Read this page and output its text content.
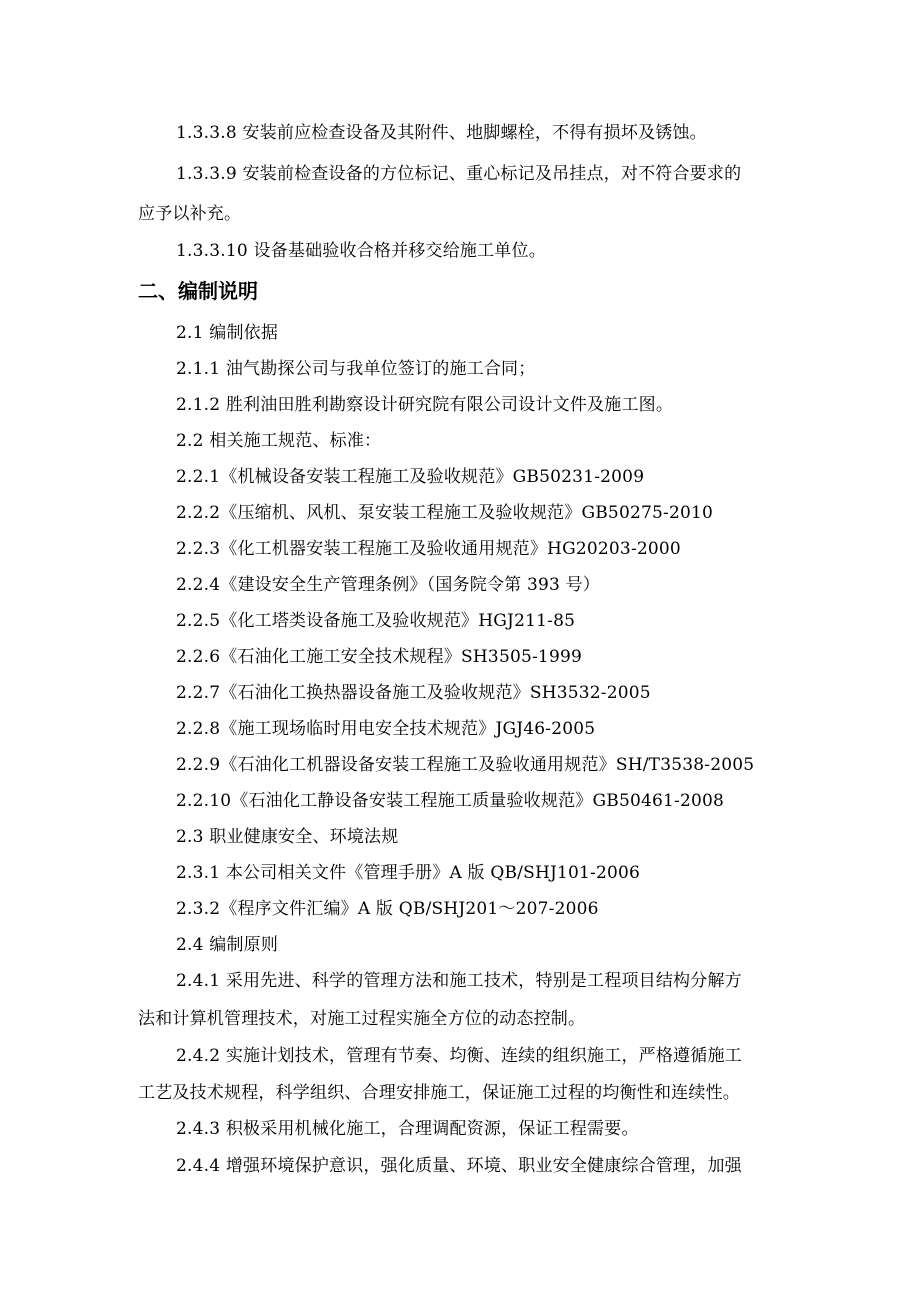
1.3.3.8 安装前应检查设备及其附件、地脚螺栓，不得有损坏及锈蚀。
1.3.3.9 安装前检查设备的方位标记、重心标记及吊挂点，对不符合要求的
应予以补充。
1.3.3.10 设备基础验收合格并移交给施工单位。
二、编制说明
2.1 编制依据
2.1.1 油气勘探公司与我单位签订的施工合同；
2.1.2 胜利油田胜利勘察设计研究院有限公司设计文件及施工图。
2.2 相关施工规范、标准：
2.2.1《机械设备安装工程施工及验收规范》GB50231-2009
2.2.2《压缩机、风机、泵安装工程施工及验收规范》GB50275-2010
2.2.3《化工机器安装工程施工及验收通用规范》HG20203-2000
2.2.4《建设安全生产管理条例》（国务院令第 393 号）
2.2.5《化工塔类设备施工及验收规范》HGJ211-85
2.2.6《石油化工施工安全技术规程》SH3505-1999
2.2.7《石油化工换热器设备施工及验收规范》SH3532-2005
2.2.8《施工现场临时用电安全技术规范》JGJ46-2005
2.2.9《石油化工机器设备安装工程施工及验收通用规范》SH/T3538-2005
2.2.10《石油化工静设备安装工程施工质量验收规范》GB50461-2008
2.3 职业健康安全、环境法规
2.3.1 本公司相关文件《管理手册》A 版 QB/SHJ101-2006
2.3.2《程序文件汇编》A 版 QB/SHJ201～207-2006
2.4 编制原则
2.4.1 采用先进、科学的管理方法和施工技术，特别是工程项目结构分解方
法和计算机管理技术，对施工过程实施全方位的动态控制。
2.4.2 实施计划技术，管理有节奏、均衡、连续的组织施工，严格遵循施工
工艺及技术规程，科学组织、合理安排施工，保证施工过程的均衡性和连续性。
2.4.3 积极采用机械化施工，合理调配资源，保证工程需要。
2.4.4 增强环境保护意识，强化质量、环境、职业安全健康综合管理，加强
